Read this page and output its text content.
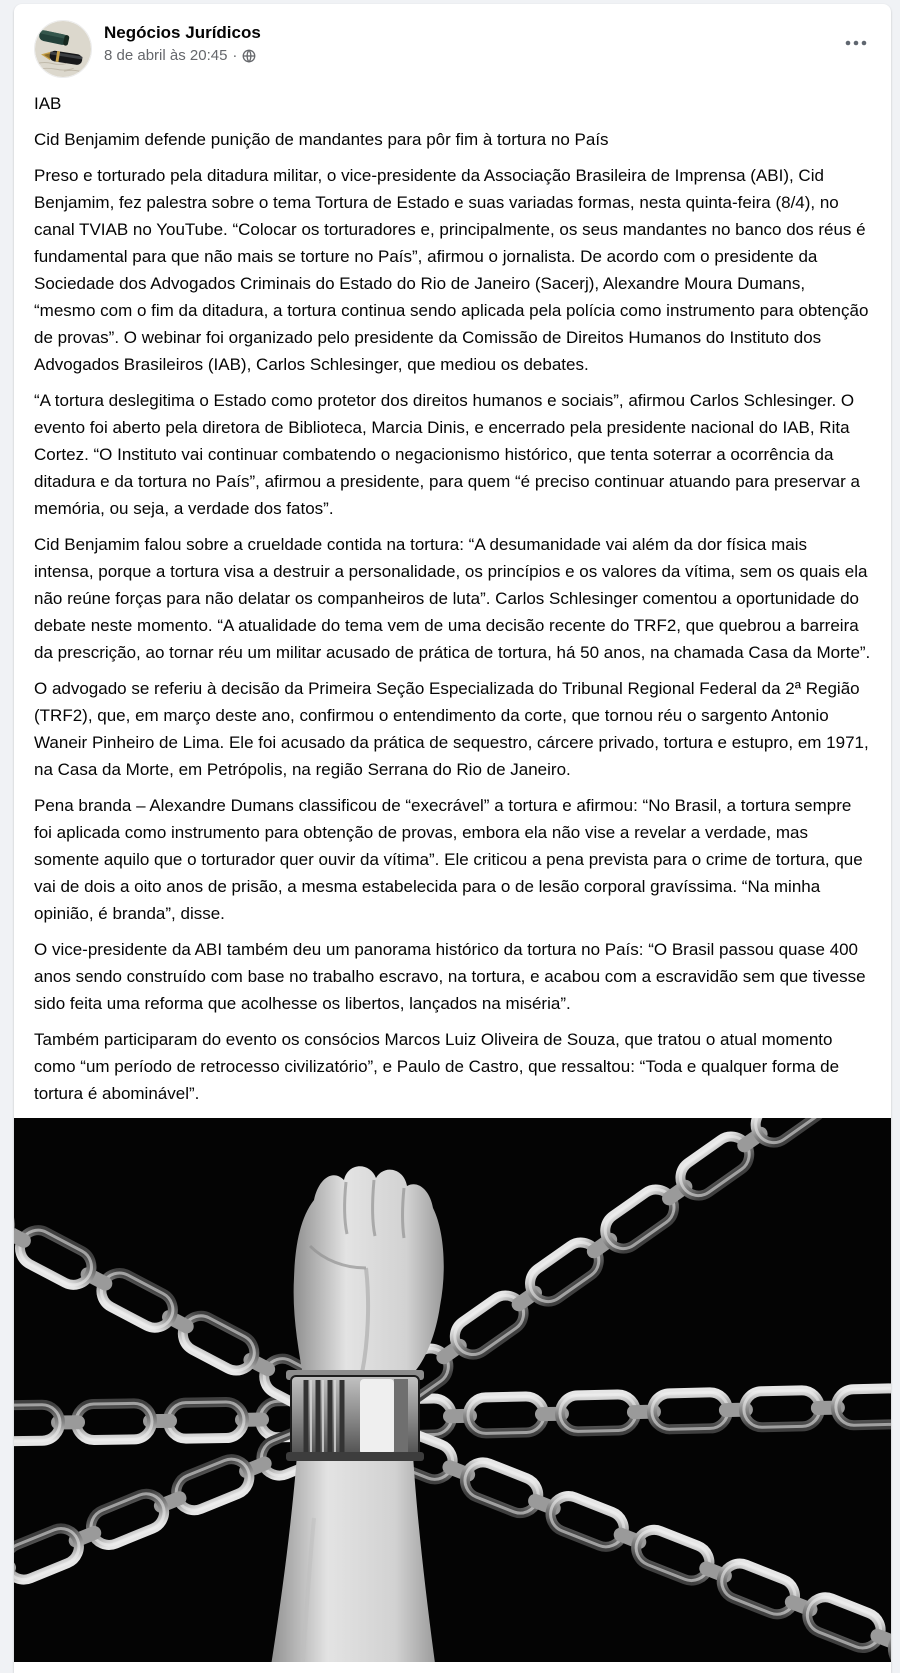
Negócios Jurídicos
8 de abril às 20:45 ·

IAB

Cid Benjamim defende punição de mandantes para pôr fim à tortura no País

Preso e torturado pela ditadura militar, o vice-presidente da Associação Brasileira de Imprensa (ABI), Cid Benjamim, fez palestra sobre o tema Tortura de Estado e suas variadas formas, nesta quinta-feira (8/4), no canal TVIAB no YouTube. “Colocar os torturadores e, principalmente, os seus mandantes no banco dos réus é fundamental para que não mais se torture no País”, afirmou o jornalista. De acordo com o presidente da Sociedade dos Advogados Criminais do Estado do Rio de Janeiro (Sacerj), Alexandre Moura Dumans, “mesmo com o fim da ditadura, a tortura continua sendo aplicada pela polícia como instrumento para obtenção de provas”. O webinar foi organizado pelo presidente da Comissão de Direitos Humanos do Instituto dos Advogados Brasileiros (IAB), Carlos Schlesinger, que mediou os debates.

“A tortura deslegitima o Estado como protetor dos direitos humanos e sociais”, afirmou Carlos Schlesinger. O evento foi aberto pela diretora de Biblioteca, Marcia Dinis, e encerrado pela presidente nacional do IAB, Rita Cortez. “O Instituto vai continuar combatendo o negacionismo histórico, que tenta soterrar a ocorrência da ditadura e da tortura no País”, afirmou a presidente, para quem “é preciso continuar atuando para preservar a memória, ou seja, a verdade dos fatos”.

Cid Benjamim falou sobre a crueldade contida na tortura: “A desumanidade vai além da dor física mais intensa, porque a tortura visa a destruir a personalidade, os princípios e os valores da vítima, sem os quais ela não reúne forças para não delatar os companheiros de luta”. Carlos Schlesinger comentou a oportunidade do debate neste momento. “A atualidade do tema vem de uma decisão recente do TRF2, que quebrou a barreira da prescrição, ao tornar réu um militar acusado de prática de tortura, há 50 anos, na chamada Casa da Morte”.

O advogado se referiu à decisão da Primeira Seção Especializada do Tribunal Regional Federal da 2ª Região (TRF2), que, em março deste ano, confirmou o entendimento da corte, que tornou réu o sargento Antonio Waneir Pinheiro de Lima. Ele foi acusado da prática de sequestro, cárcere privado, tortura e estupro, em 1971, na Casa da Morte, em Petrópolis, na região Serrana do Rio de Janeiro.

Pena branda – Alexandre Dumans classificou de “execrável” a tortura e afirmou: “No Brasil, a tortura sempre foi aplicada como instrumento para obtenção de provas, embora ela não vise a revelar a verdade, mas somente aquilo que o torturador quer ouvir da vítima”. Ele criticou a pena prevista para o crime de tortura, que vai de dois a oito anos de prisão, a mesma estabelecida para o de lesão corporal gravíssima. “Na minha opinião, é branda”, disse.

O vice-presidente da ABI também deu um panorama histórico da tortura no País: “O Brasil passou quase 400 anos sendo construído com base no trabalho escravo, na tortura, e acabou com a escravidão sem que tivesse sido feita uma reforma que acolhesse os libertos, lançados na miséria”.

Também participaram do evento os consócios Marcos Luiz Oliveira de Souza, que tratou o atual momento como “um período de retrocesso civilizatório”, e Paulo de Castro, que ressaltou: “Toda e qualquer forma de tortura é abominável”.
